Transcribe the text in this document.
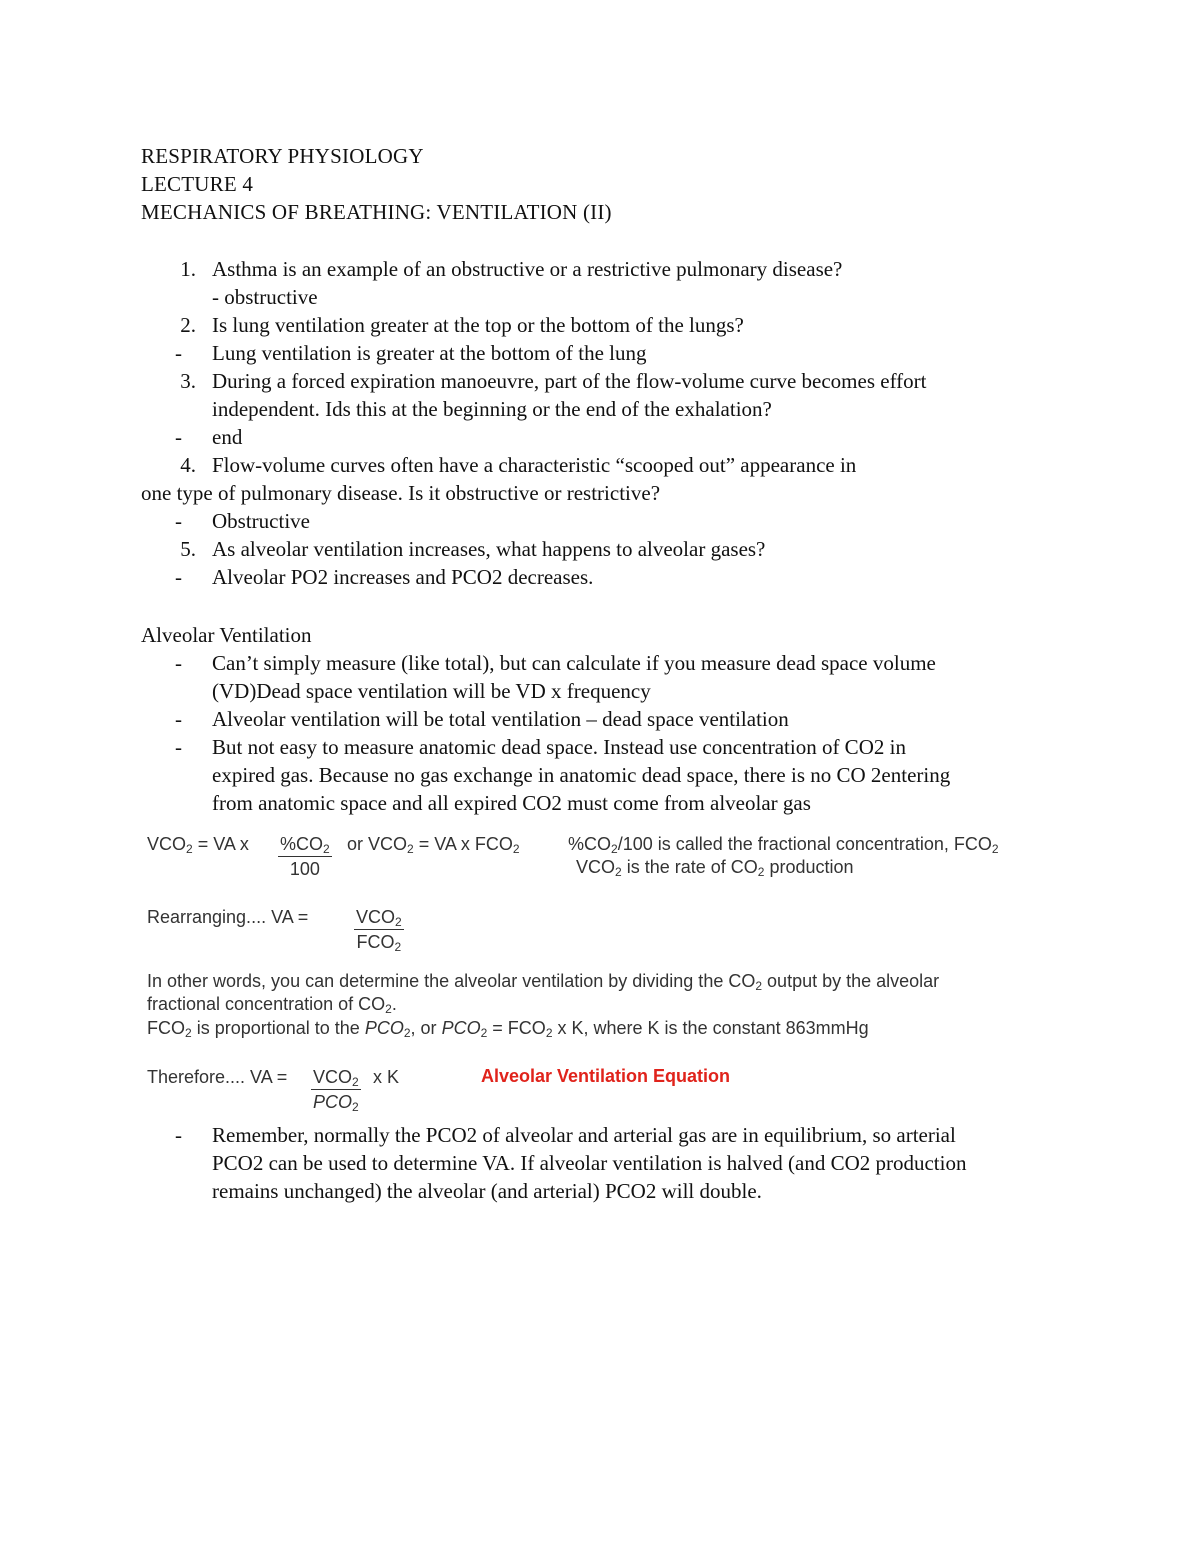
RESPIRATORY PHYSIOLOGY
LECTURE 4
MECHANICS OF BREATHING: VENTILATION (II)
1. Asthma is an example of an obstructive or a restrictive pulmonary disease?
- obstructive
2. Is lung ventilation greater at the top or the bottom of the lungs?
- Lung ventilation is greater at the bottom of the lung
3. During a forced expiration manoeuvre, part of the flow-volume curve becomes effort
independent. Ids this at the beginning or the end of the exhalation?
- end
4. Flow-volume curves often have a characteristic “scooped out” appearance in
one type of pulmonary disease. Is it obstructive or restrictive?
- Obstructive
5. As alveolar ventilation increases, what happens to alveolar gases?
- Alveolar PO2 increases and PCO2 decreases.
Alveolar Ventilation
- Can’t simply measure (like total), but can calculate if you measure dead space volume
(VD)Dead space ventilation will be VD x frequency
- Alveolar ventilation will be total ventilation – dead space ventilation
- But not easy to measure anatomic dead space. Instead use concentration of CO2 in
expired gas. Because no gas exchange in anatomic dead space, there is no CO 2entering
from anatomic space and all expired CO2 must come from alveolar gas
$VCO_2$ = VA x $\frac{\%CO_2}{100}$ or $VCO_2$ = VA x $FCO_2$	$\%CO_2/100$ is called the fractional concentration, $FCO_2$
$VCO_2$ is the rate of $CO_2$ production
Rearranging.... VA =	$VCO_2$
$FCO_2$
In other words, you can determine the alveolar ventilation by dividing the $CO_2$ output by the alveolar
fractional concentration of $CO_2$.
$FCO_2$ is proportional to the $PCO_2$, or $PCO_2 = FCO_2$ x K, where K is the constant 863mmHg
Therefore.... VA = $VCO_2$
$PCO_2$
x K	Alveolar Ventilation Equation
- Remember, normally the PCO2 of alveolar and arterial gas are in equilibrium, so arterial
PCO2 can be used to determine VA. If alveolar ventilation is halved (and CO2 production
remains unchanged) the alveolar (and arterial) PCO2 will double.
